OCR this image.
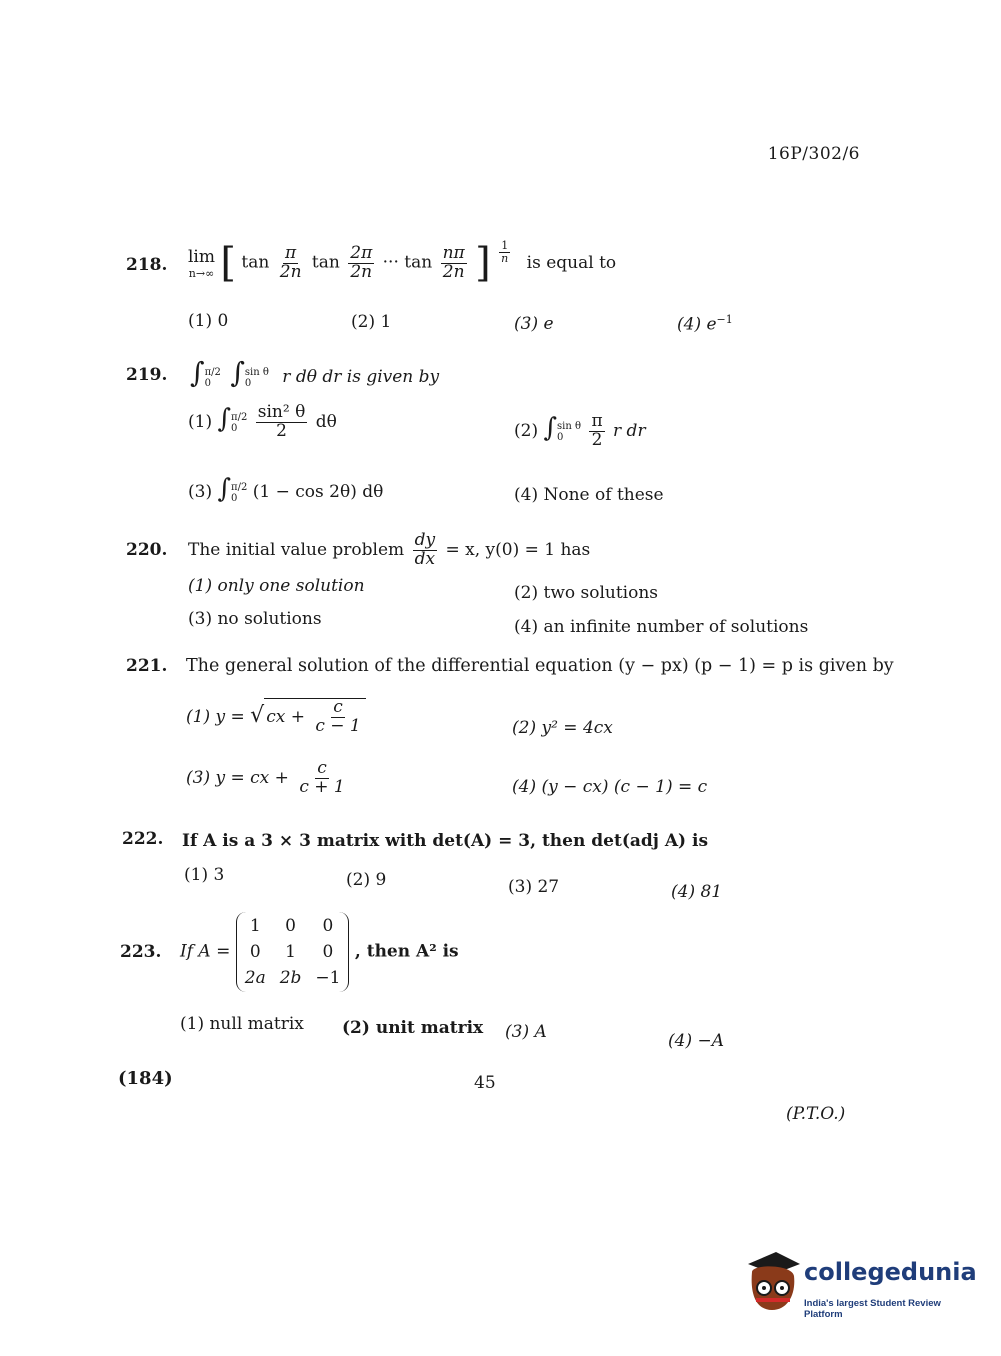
16P/302/6
218. lim
n→∞ [ $\tan \frac{\pi}{2n}$ $\tan \frac{2\pi}{2n}$ ··· $\tan \frac{n\pi}{2n}$ ] $\frac{1}{n}$ is equal to
(1) 0	(2) 1	(3) e	(4) $e^{-1}$
219. ∫ π/2
0 ∫ sin θ
0	r dθ dr is given by
(1) ∫ π/2
0
	$\frac{\text{sin² θ}}{2}$ dθ	(2) ∫ sin θ
0
	$\frac{\pi}{2}$ r dr
(3) ∫ π/2
0 (1 − cos 2θ) dθ	(4) None of these
220. The initial value problem $\frac{dy}{dx} = x$, y(0) = 1 has
(1) only one solution	(2) two solutions
(3) no solutions	(4) an infinite number of solutions
221. The general solution of the differential equation (y − px) (p − 1) = p is given by
(1) y = √ cx + $\frac{c}{c - 1}$	(2) y² = 4cx
(3) y = cx + $\frac{c}{c + 1}$	(4) (y − cx) (c − 1) = c
222. If A is a 3 × 3 matrix with det(A) = 3, then det(adj A) is
(1) 3	(2) 9	(3) 27	(4) 81
223. If A =
1	0	0
0	1	0
2a 2b −1
, then A² is
(1) null matrix (2) unit matrix (3) A	(4) −A
(184)	45
(P.T.O.)
collegedunia
India's largest Student Review Platform
